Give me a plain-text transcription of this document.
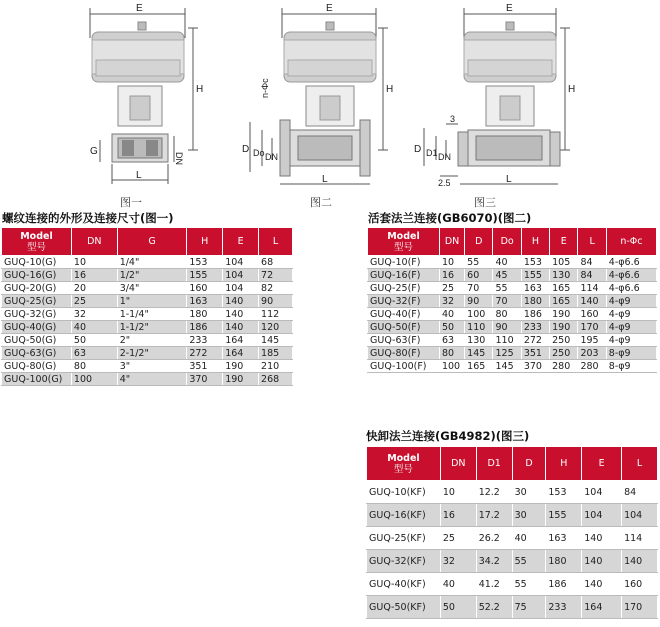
E
H
G
DN
L
图一
E
H
n-Φc
D Do DN
L
图二
E
H
3
D D1 DN
2.5	L
图三
螺纹连接的外形及连接尺寸(图一)
Model
型号	DN	G	H	E	L
GUQ-10(G)	10	1/4"	153	104	68
GUQ-16(G)	16	1/2"	155	104	72
GUQ-20(G)	20	3/4"	160	104	82
GUQ-25(G)	25	1"	163	140	90
GUQ-32(G)	32	1-1/4"	180	140	112
GUQ-40(G)	40	1-1/2"	186	140	120
GUQ-50(G)	50	2"	233	164	145
GUQ-63(G)	63	2-1/2"	272	164	185
GUQ-80(G)	80	3"	351	190	210
GUQ-100(G)	100	4"	370	190	268
活套法兰连接(GB6070)(图二)
Model
型号	DN	D	Do	H	E	L	n-Φc
GUQ-10(F)	10	55	40	153	105	84	4-φ6.6
GUQ-16(F)	16	60	45	155	130	84	4-φ6.6
GUQ-25(F)	25	70	55	163	165	114	4-φ6.6
GUQ-32(F)	32	90	70	180	165	140	4-φ9
GUQ-40(F)	40	100	80	186	190	160	4-φ9
GUQ-50(F)	50	110	90	233	190	170	4-φ9
GUQ-63(F)	63	130	110	272	250	195	4-φ9
GUQ-80(F)	80	145	125	351	250	203	8-φ9
GUQ-100(F)	100	165	145	370	280	280	8-φ9
快卸法兰连接(GB4982)(图三)
Model
型号	DN	D1	D	H	E	L
GUQ-10(KF)	10	12.2	30	153	104	84
GUQ-16(KF)	16	17.2	30	155	104	104
GUQ-25(KF)	25	26.2	40	163	140	114
GUQ-32(KF)	32	34.2	55	180	140	140
GUQ-40(KF)	40	41.2	55	186	140	160
GUQ-50(KF)	50	52.2	75	233	164	170
